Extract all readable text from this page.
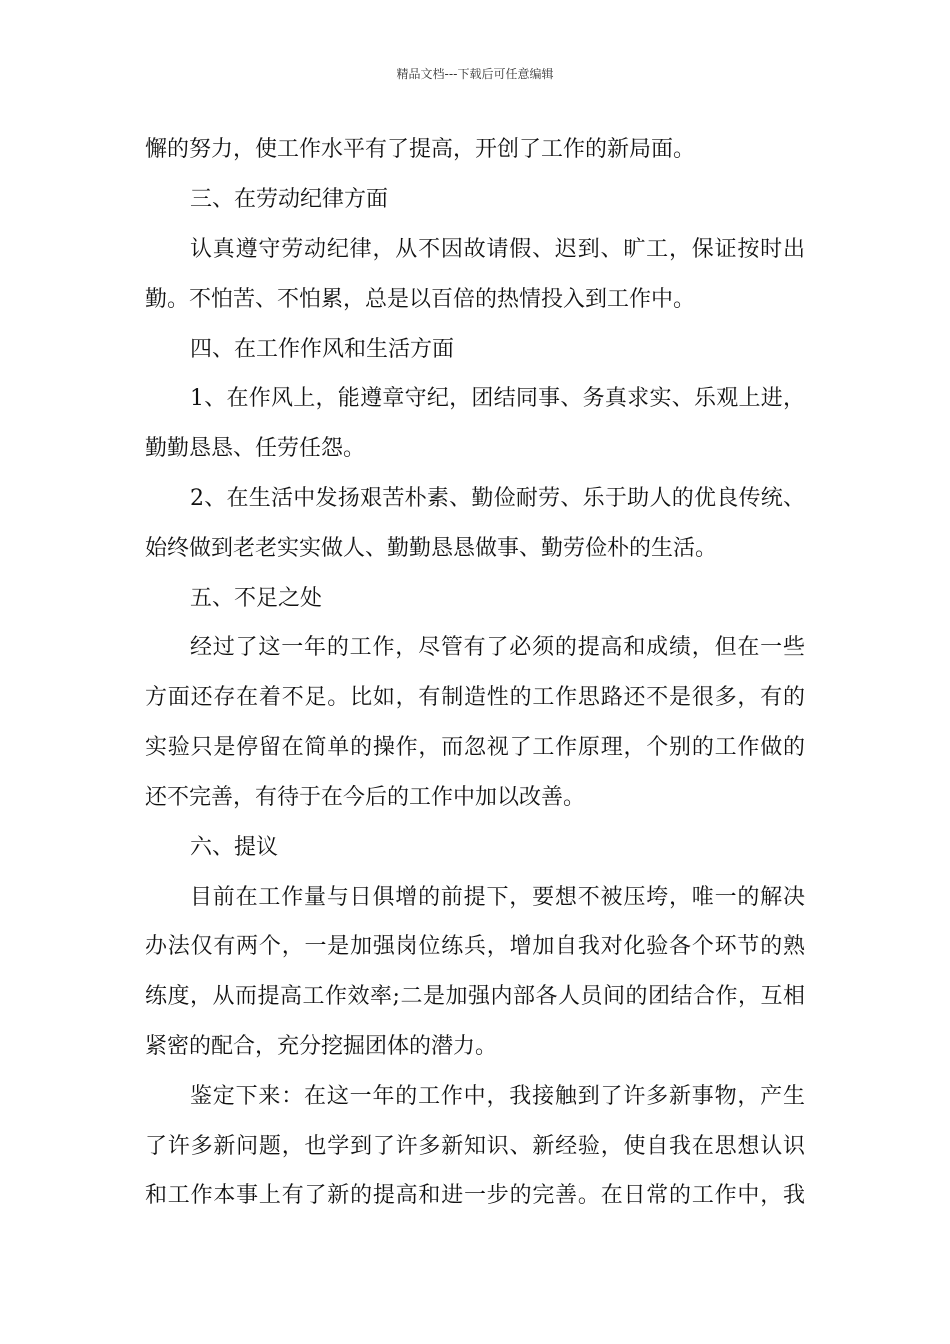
精品文档---下载后可任意编辑
懈的努力，使工作水平有了提高，开创了工作的新局面。
三、在劳动纪律方面
认真遵守劳动纪律，从不因故请假、迟到、旷工，保证按时出
勤。不怕苦、不怕累，总是以百倍的热情投入到工作中。
四、在工作作风和生活方面
1、在作风上，能遵章守纪，团结同事、务真求实、乐观上进，
勤勤恳恳、任劳任怨。
2、在生活中发扬艰苦朴素、勤俭耐劳、乐于助人的优良传统、
始终做到老老实实做人、勤勤恳恳做事、勤劳俭朴的生活。
五、不足之处
经过了这一年的工作，尽管有了必须的提高和成绩，但在一些
方面还存在着不足。比如，有制造性的工作思路还不是很多，有的
实验只是停留在简单的操作，而忽视了工作原理，个别的工作做的
还不完善，有待于在今后的工作中加以改善。
六、提议
目前在工作量与日俱增的前提下，要想不被压垮，唯一的解决
办法仅有两个，一是加强岗位练兵，增加自我对化验各个环节的熟
练度，从而提高工作效率;二是加强内部各人员间的团结合作，互相
紧密的配合，充分挖掘团体的潜力。
鉴定下来：在这一年的工作中，我接触到了许多新事物，产生
了许多新问题，也学到了许多新知识、新经验，使自我在思想认识
和工作本事上有了新的提高和进一步的完善。在日常的工作中，我
